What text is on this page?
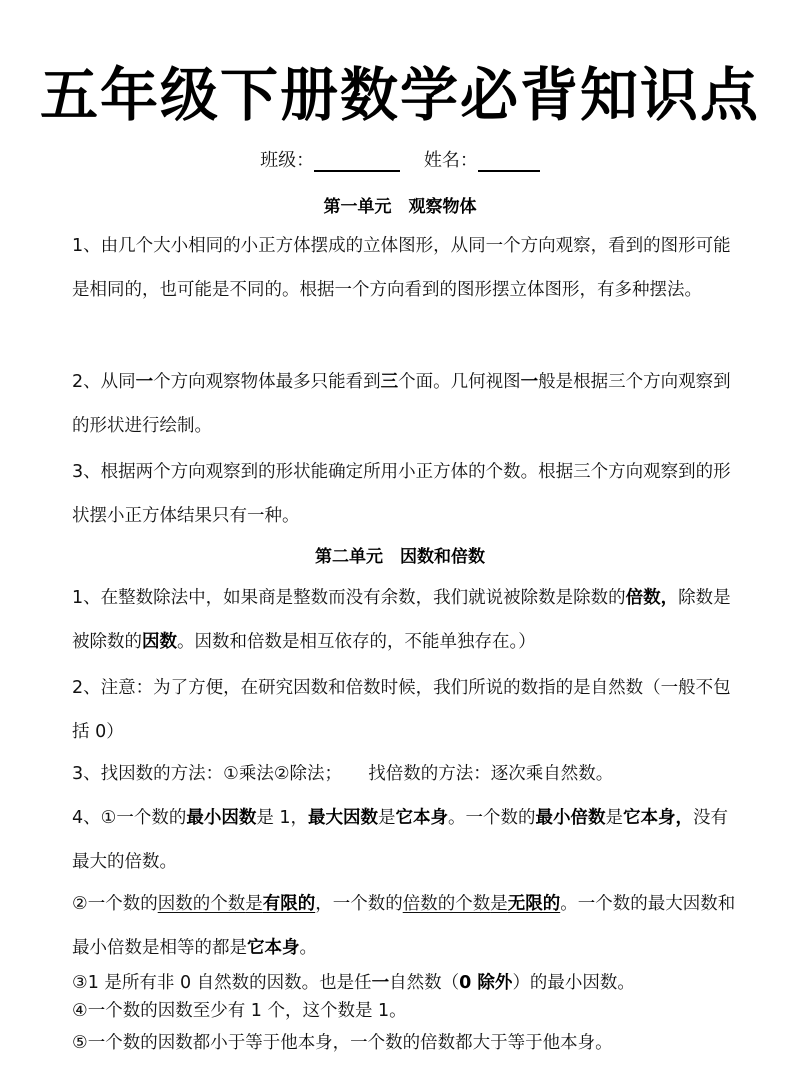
五年级下册数学必背知识点
班级：	姓名：
第一单元　观察物体
1、由几个大小相同的小正方体摆成的立体图形，从同一个方向观察，看到的图形可能是相同的，也可能是不同的。根据一个方向看到的图形摆立体图形，有多种摆法。
2、从同一个方向观察物体最多只能看到三个面。几何视图一般是根据三个方向观察到的形状进行绘制。
3、根据两个方向观察到的形状能确定所用小正方体的个数。根据三个方向观察到的形状摆小正方体结果只有一种。
第二单元　因数和倍数
1、在整数除法中，如果商是整数而没有余数，我们就说被除数是除数的倍数，除数是被除数的因数。因数和倍数是相互依存的，不能单独存在。）
2、注意：为了方便，在研究因数和倍数时候，我们所说的数指的是自然数（一般不包括 0）
3、找因数的方法：①乘法②除法；　　找倍数的方法：逐次乘自然数。
4、①一个数的最小因数是 1，最大因数是它本身。一个数的最小倍数是它本身，没有最大的倍数。
②一个数的因数的个数是有限的，一个数的倍数的个数是无限的。一个数的最大因数和最小倍数是相等的都是它本身。
③1 是所有非 0 自然数的因数。也是任一自然数（0 除外）的最小因数。
④一个数的因数至少有 1 个，这个数是 1。
⑤一个数的因数都小于等于他本身，一个数的倍数都大于等于他本身。
